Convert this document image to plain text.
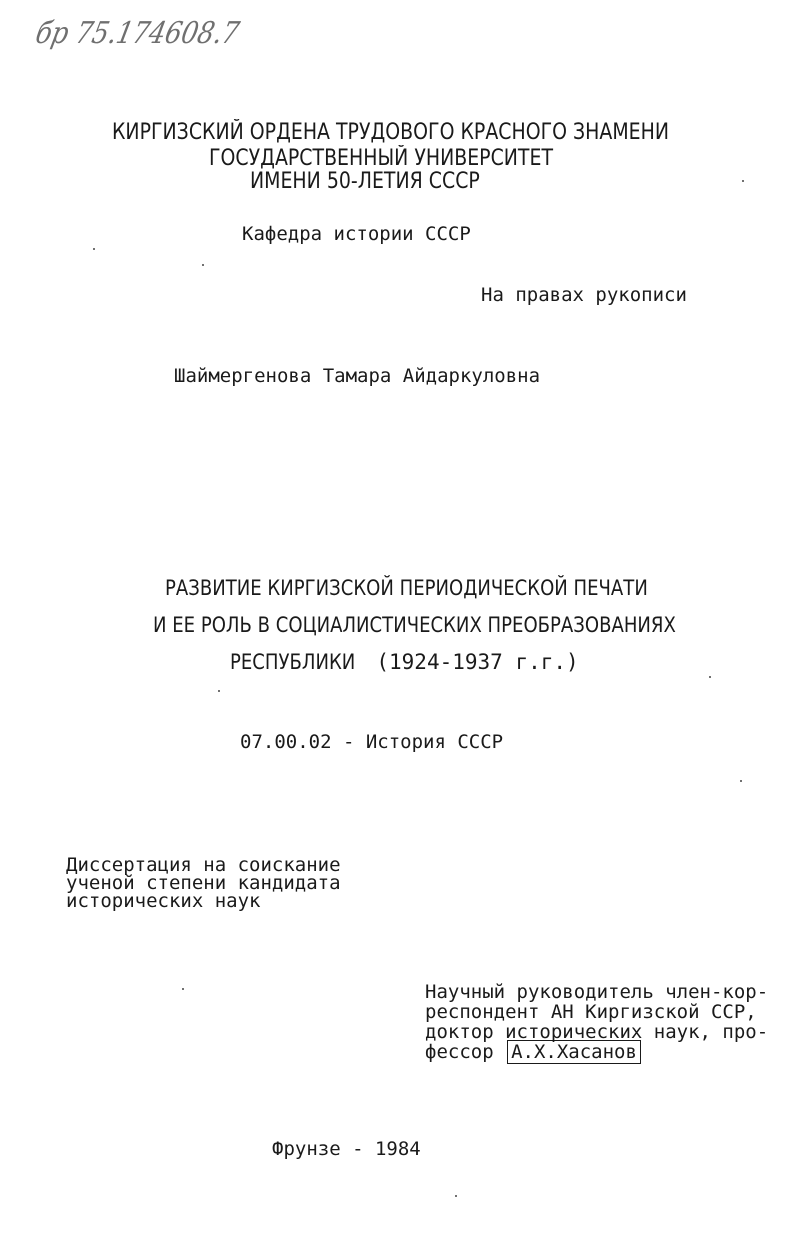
бр 75.174608.7
КИРГИЗСКИЙ ОРДЕНА ТРУДОВОГО КРАСНОГО ЗНАМЕНИ
ГОСУДАРСТВЕННЫЙ УНИВЕРСИТЕТ
ИМЕНИ 50-ЛЕТИЯ СССР
Кафедра истории СССР
На правах рукописи
Шаймергенова Тамара Айдаркуловна
РАЗВИТИЕ КИРГИЗСКОЙ ПЕРИОДИЧЕСКОЙ ПЕЧАТИ
И ЕЕ РОЛЬ В СОЦИАЛИСТИЧЕСКИХ ПРЕОБРАЗОВАНИЯХ
РЕСПУБЛИКИ (1924-1937 г.г.)
07.00.02 - История СССР
Диссертация на соискание
ученой степени кандидата
исторических наук
Научный руководитель член-кор-
респондент АН Киргизской ССР,
доктор исторических наук, про-
фессор А.Х.Хасанов
Фрунзе - 1984
